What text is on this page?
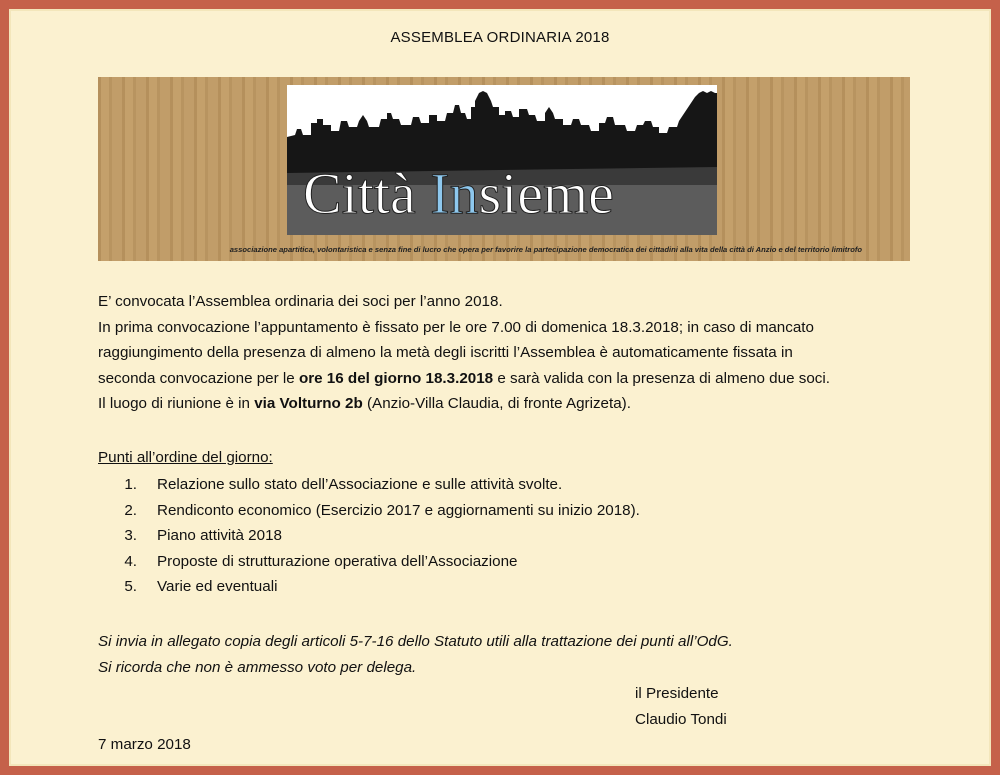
ASSEMBLEA ORDINARIA 2018
Città Insieme
associazione apartitica, volontaristica e senza fine di lucro che opera per favorire la partecipazione democratica dei cittadini alla vita della città di Anzio e del territorio limitrofo

E’ convocata l’Assemblea ordinaria dei soci per l’anno 2018.

In prima convocazione l’appuntamento è fissato per le ore 7.00 di domenica 18.3.2018; in caso di mancato

raggiungimento della presenza di almeno la metà degli iscritti l’Assemblea è automaticamente fissata in

seconda convocazione per le ore 16 del giorno 18.3.2018 e sarà valida con la presenza di almeno due soci.

Il luogo di riunione è in via Volturno 2b (Anzio-Villa Claudia, di fronte Agrizeta).

Punti all’ordine del giorno:
1. Relazione sullo stato dell’Associazione e sulle attività svolte.
2. Rendiconto economico (Esercizio 2017 e aggiornamenti su inizio 2018).
3. Piano attività 2018
4. Proposte di strutturazione operativa dell’Associazione
5. Varie ed eventuali

Si invia in allegato copia degli articoli 5-7-16 dello Statuto utili alla trattazione dei punti all’OdG.

Si ricorda che non è ammesso voto per delega.

il Presidente
Claudio Tondi
7 marzo 2018
